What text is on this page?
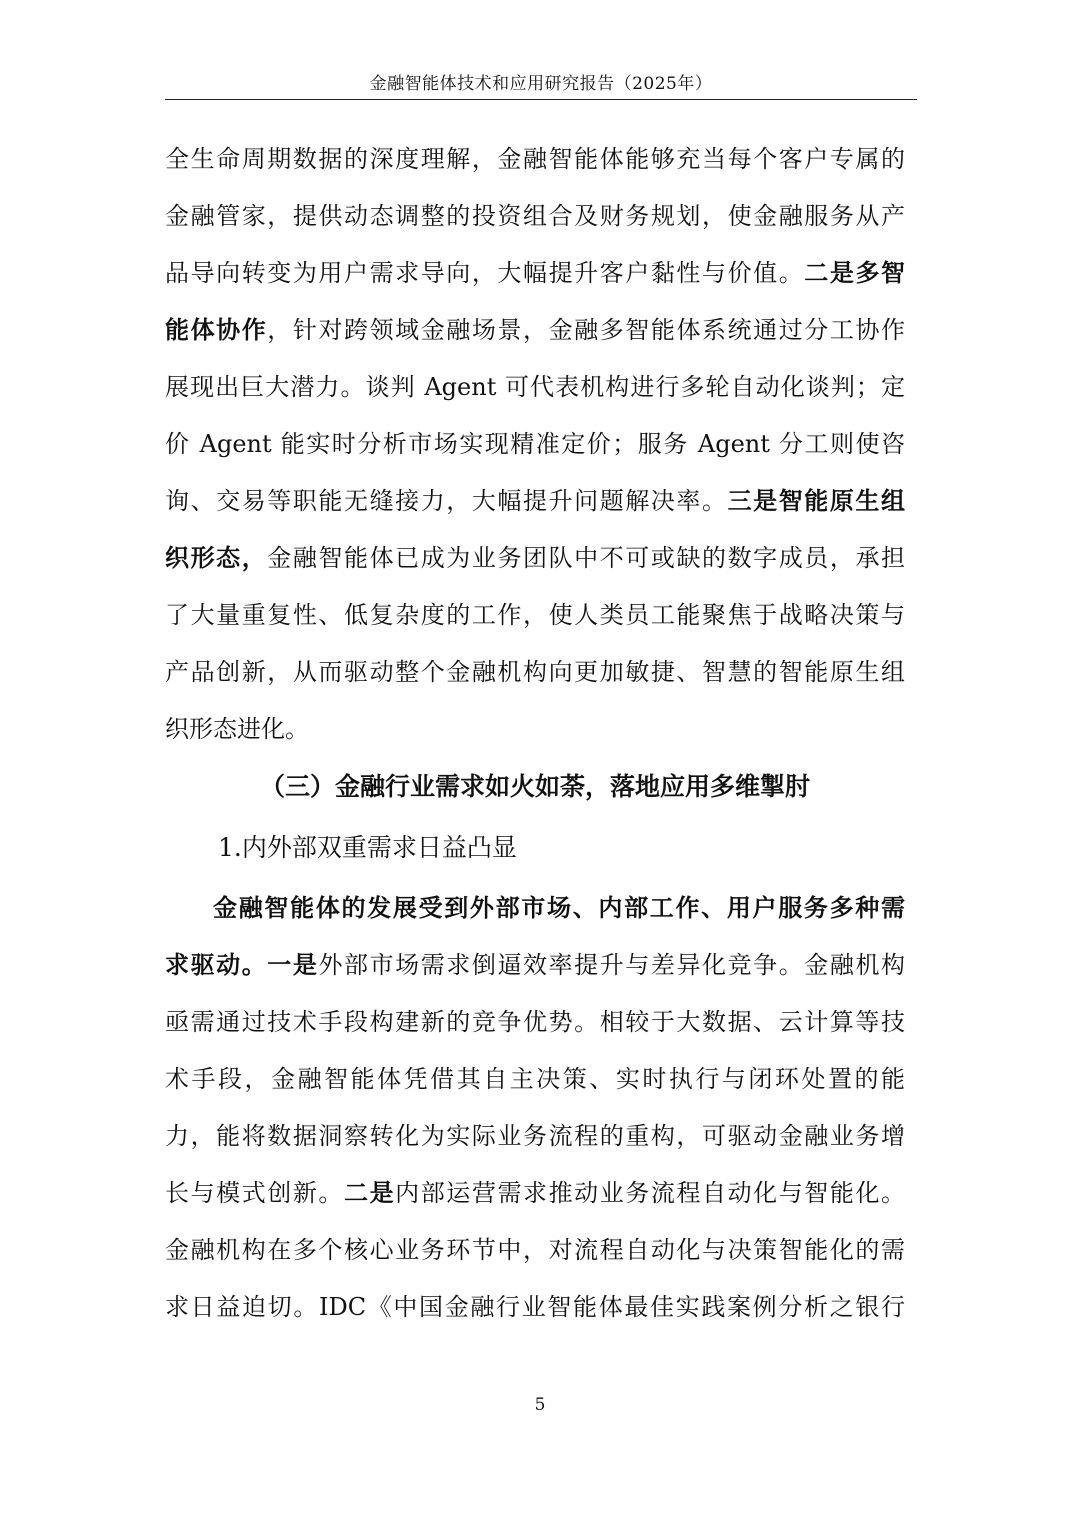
金融智能体技术和应用研究报告（2025年）
全生命周期数据的深度理解，金融智能体能够充当每个客户专属的
金融管家，提供动态调整的投资组合及财务规划，使金融服务从产
品导向转变为用户需求导向，大幅提升客户黏性与价值。二是多智
能体协作，针对跨领域金融场景，金融多智能体系统通过分工协作
展现出巨大潜力。谈判 Agent 可代表机构进行多轮自动化谈判；定
价 Agent 能实时分析市场实现精准定价；服务 Agent 分工则使咨
询、交易等职能无缝接力，大幅提升问题解决率。三是智能原生组
织形态，金融智能体已成为业务团队中不可或缺的数字成员，承担
了大量重复性、低复杂度的工作，使人类员工能聚焦于战略决策与
产品创新，从而驱动整个金融机构向更加敏捷、智慧的智能原生组
织形态进化。
（三）金融行业需求如火如荼，落地应用多维掣肘
1.内外部双重需求日益凸显
金融智能体的发展受到外部市场、内部工作、用户服务多种需
求驱动。一是外部市场需求倒逼效率提升与差异化竞争。金融机构
亟需通过技术手段构建新的竞争优势。相较于大数据、云计算等技
术手段，金融智能体凭借其自主决策、实时执行与闭环处置的能
力，能将数据洞察转化为实际业务流程的重构，可驱动金融业务增
长与模式创新。二是内部运营需求推动业务流程自动化与智能化。
金融机构在多个核心业务环节中，对流程自动化与决策智能化的需
求日益迫切。IDC《中国金融行业智能体最佳实践案例分析之银行
5
